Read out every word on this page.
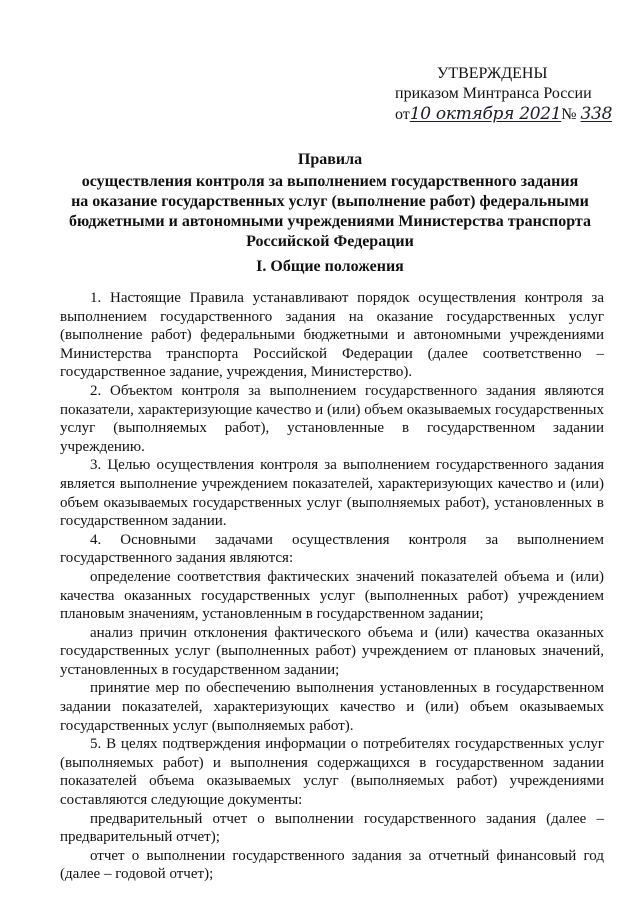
УТВЕРЖДЕНЫ
приказом Минтранса России
от10 октября 2021№ 338
Правила
осуществления контроля за выполнением государственного задания
на оказание государственных услуг (выполнение работ) федеральными
бюджетными и автономными учреждениями Министерства транспорта
Российской Федерации
I. Общие положения

1. Настоящие Правила устанавливают порядок осуществления контроля за выполнением государственного задания на оказание государственных услуг (выполнение работ) федеральными бюджетными и автономными учреждениями Министерства транспорта Российской Федерации (далее соответственно – государственное задание, учреждения, Министерство).

2. Объектом контроля за выполнением государственного задания являются показатели, характеризующие качество и (или) объем оказываемых государственных услуг (выполняемых работ), установленные в государственном задании учреждению.

3. Целью осуществления контроля за выполнением государственного задания является выполнение учреждением показателей, характеризующих качество и (или) объем оказываемых государственных услуг (выполняемых работ), установленных в государственном задании.

4. Основными задачами осуществления контроля за выполнением государственного задания являются:

определение соответствия фактических значений показателей объема и (или) качества оказанных государственных услуг (выполненных работ) учреждением плановым значениям, установленным в государственном задании;

анализ причин отклонения фактического объема и (или) качества оказанных государственных услуг (выполненных работ) учреждением от плановых значений, установленных в государственном задании;

принятие мер по обеспечению выполнения установленных в государственном задании показателей, характеризующих качество и (или) объем оказываемых государственных услуг (выполняемых работ).

5. В целях подтверждения информации о потребителях государственных услуг (выполняемых работ) и выполнения содержащихся в государственном задании показателей объема оказываемых услуг (выполняемых работ) учреждениями составляются следующие документы:

предварительный отчет о выполнении государственного задания (далее – предварительный отчет);

отчет о выполнении государственного задания за отчетный финансовый год (далее – годовой отчет);
